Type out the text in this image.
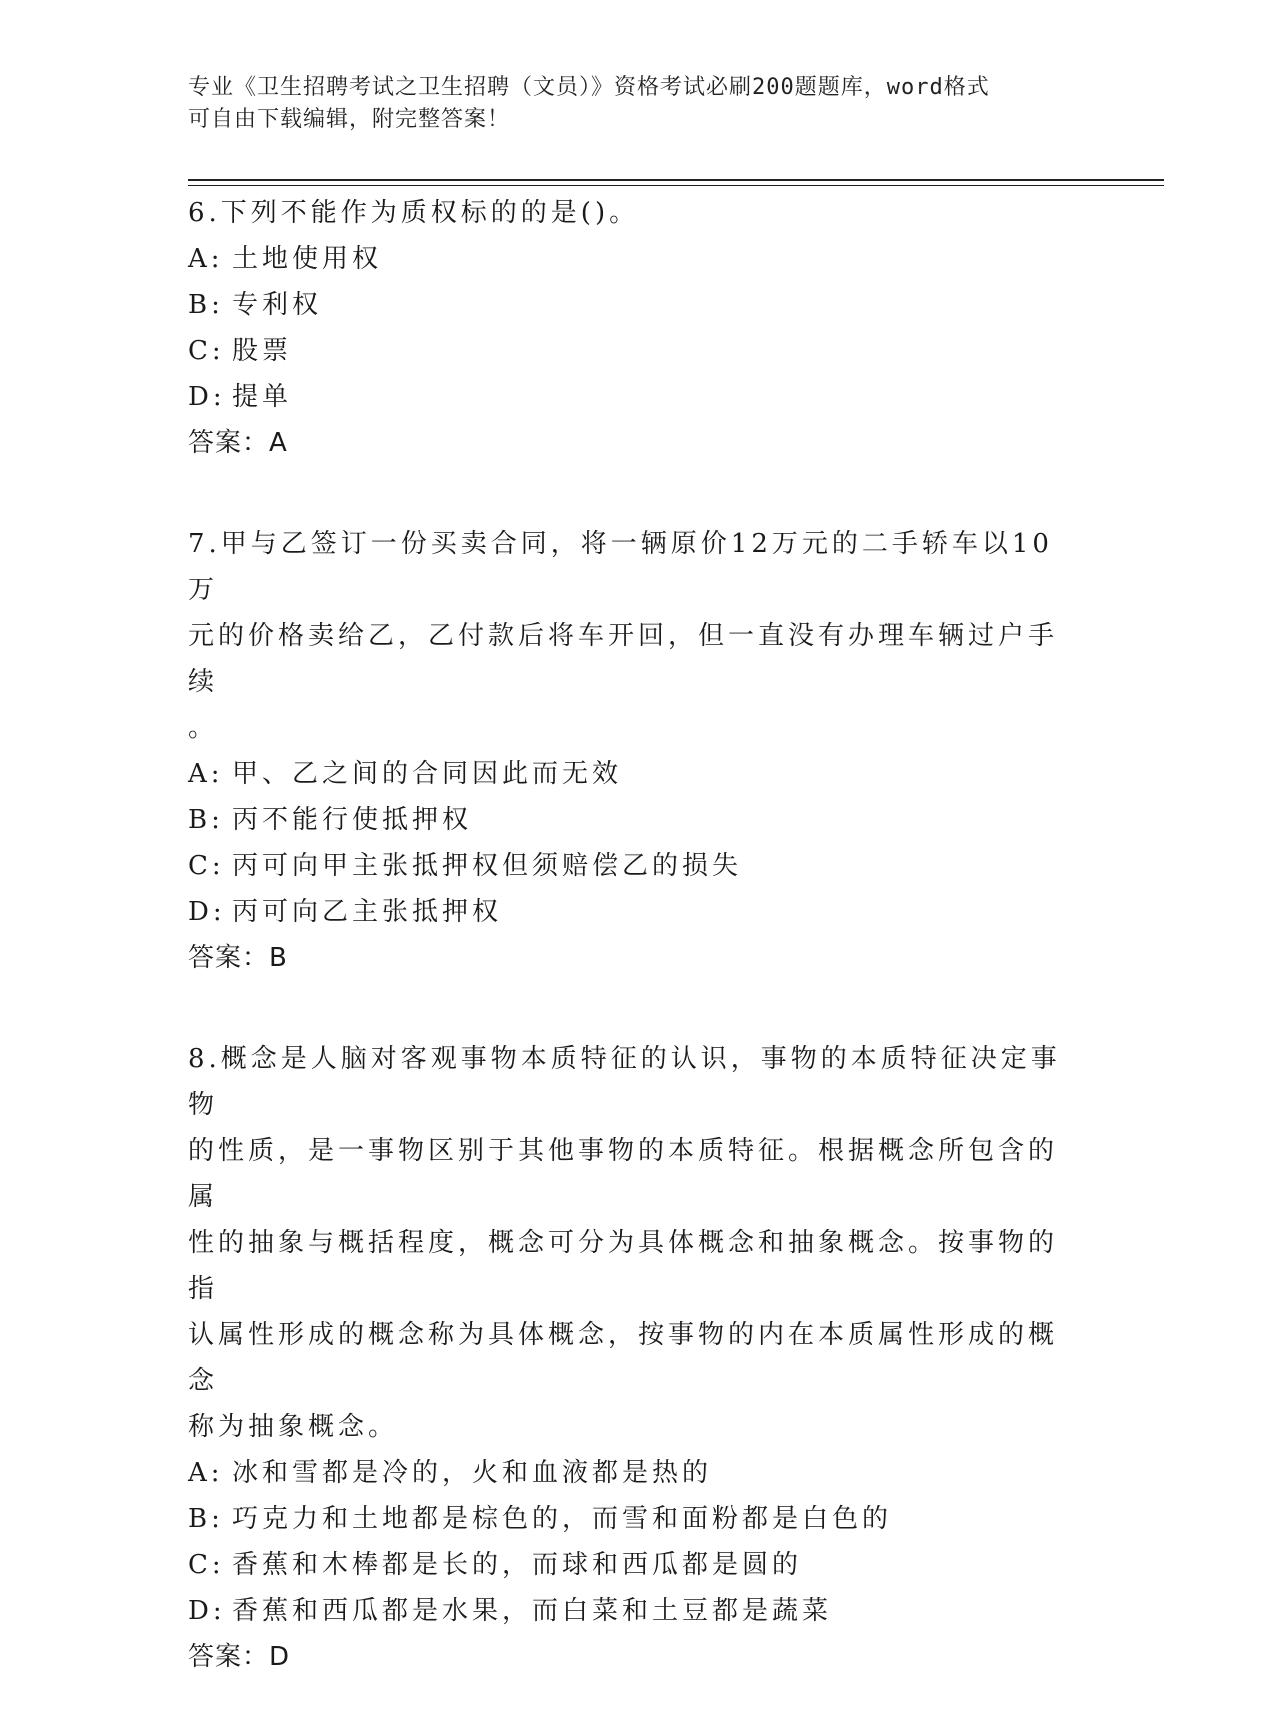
专业《卫生招聘考试之卫生招聘（文员）》资格考试必刷200题题库，word格式
可自由下载编辑，附完整答案！
6.下列不能作为质权标的的是()。
A: 土地使用权
B: 专利权
C: 股票
D: 提单
答案：A
7.甲与乙签订一份买卖合同，将一辆原价12万元的二手轿车以10万
元的价格卖给乙，乙付款后将车开回，但一直没有办理车辆过户手续
。
A: 甲、乙之间的合同因此而无效
B: 丙不能行使抵押权
C: 丙可向甲主张抵押权但须赔偿乙的损失
D: 丙可向乙主张抵押权
答案：B
8.概念是人脑对客观事物本质特征的认识，事物的本质特征决定事物
的性质，是一事物区别于其他事物的本质特征。根据概念所包含的属
性的抽象与概括程度，概念可分为具体概念和抽象概念。按事物的指
认属性形成的概念称为具体概念，按事物的内在本质属性形成的概念
称为抽象概念。
A: 冰和雪都是冷的，火和血液都是热的
B: 巧克力和土地都是棕色的，而雪和面粉都是白色的
C: 香蕉和木棒都是长的，而球和西瓜都是圆的
D: 香蕉和西瓜都是水果，而白菜和土豆都是蔬菜
答案：D
